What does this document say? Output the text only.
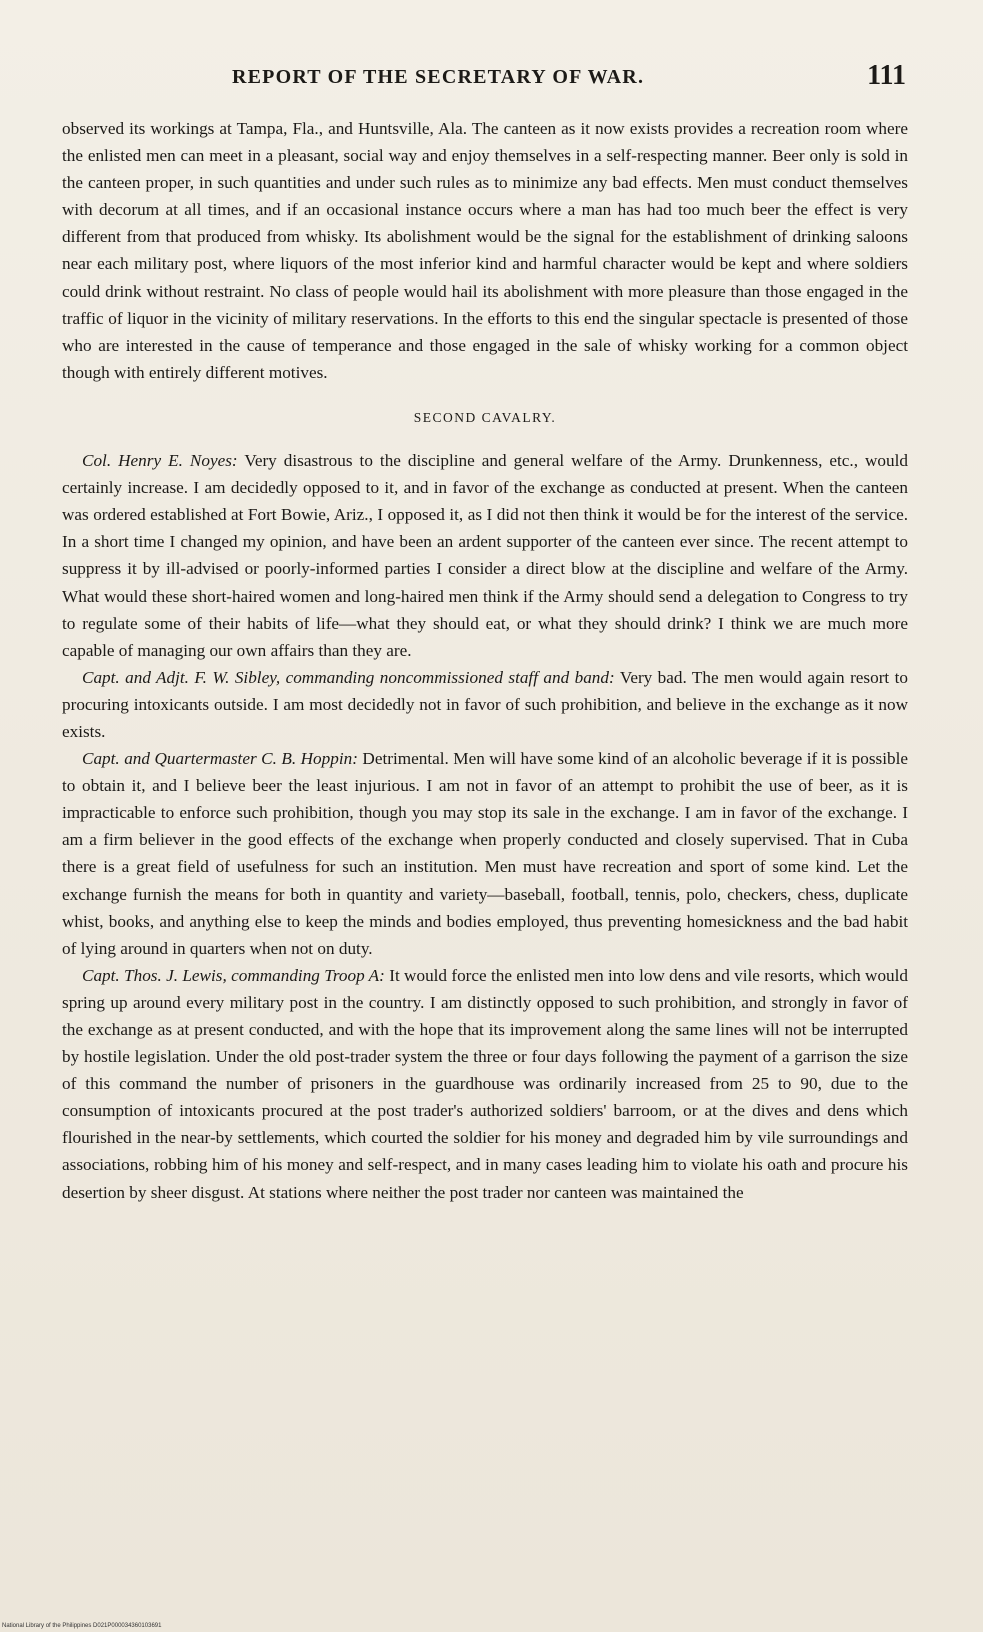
REPORT OF THE SECRETARY OF WAR.	111

observed its workings at Tampa, Fla., and Huntsville, Ala. The canteen as it now exists provides a recreation room where the enlisted men can meet in a pleasant, social way and enjoy themselves in a self-respecting manner. Beer only is sold in the canteen proper, in such quantities and under such rules as to minimize any bad effects. Men must conduct themselves with decorum at all times, and if an occasional instance occurs where a man has had too much beer the effect is very different from that produced from whisky. Its abolishment would be the signal for the establishment of drinking saloons near each military post, where liquors of the most inferior kind and harmful character would be kept and where soldiers could drink without restraint. No class of people would hail its abolishment with more pleasure than those engaged in the traffic of liquor in the vicinity of military reservations. In the efforts to this end the singular spectacle is presented of those who are interested in the cause of temperance and those engaged in the sale of whisky working for a common object though with entirely different motives.

SECOND CAVALRY.

Col. Henry E. Noyes: Very disastrous to the discipline and general welfare of the Army. Drunkenness, etc., would certainly increase. I am decidedly opposed to it, and in favor of the exchange as conducted at present. When the canteen was ordered established at Fort Bowie, Ariz., I opposed it, as I did not then think it would be for the interest of the service. In a short time I changed my opinion, and have been an ardent supporter of the canteen ever since. The recent attempt to suppress it by ill-advised or poorly-informed parties I consider a direct blow at the discipline and welfare of the Army. What would these short-haired women and long-haired men think if the Army should send a delegation to Congress to try to regulate some of their habits of life—what they should eat, or what they should drink? I think we are much more capable of managing our own affairs than they are.

Capt. and Adjt. F. W. Sibley, commanding noncommissioned staff and band: Very bad. The men would again resort to procuring intoxicants outside. I am most decidedly not in favor of such prohibition, and believe in the exchange as it now exists.

Capt. and Quartermaster C. B. Hoppin: Detrimental. Men will have some kind of an alcoholic beverage if it is possible to obtain it, and I believe beer the least injurious. I am not in favor of an attempt to prohibit the use of beer, as it is impracticable to enforce such prohibition, though you may stop its sale in the exchange. I am in favor of the exchange. I am a firm believer in the good effects of the exchange when properly conducted and closely supervised. That in Cuba there is a great field of usefulness for such an institution. Men must have recreation and sport of some kind. Let the exchange furnish the means for both in quantity and variety—baseball, football, tennis, polo, checkers, chess, duplicate whist, books, and anything else to keep the minds and bodies employed, thus preventing homesickness and the bad habit of lying around in quarters when not on duty.

Capt. Thos. J. Lewis, commanding Troop A: It would force the enlisted men into low dens and vile resorts, which would spring up around every military post in the country. I am distinctly opposed to such prohibition, and strongly in favor of the exchange as at present conducted, and with the hope that its improvement along the same lines will not be interrupted by hostile legislation. Under the old post-trader system the three or four days following the payment of a garrison the size of this command the number of prisoners in the guardhouse was ordinarily increased from 25 to 90, due to the consumption of intoxicants procured at the post trader's authorized soldiers' barroom, or at the dives and dens which flourished in the near-by settlements, which courted the soldier for his money and degraded him by vile surroundings and associations, robbing him of his money and self-respect, and in many cases leading him to violate his oath and procure his desertion by sheer disgust. At stations where neither the post trader nor canteen was maintained the

National Library of the Philippines D021P000034360103691
